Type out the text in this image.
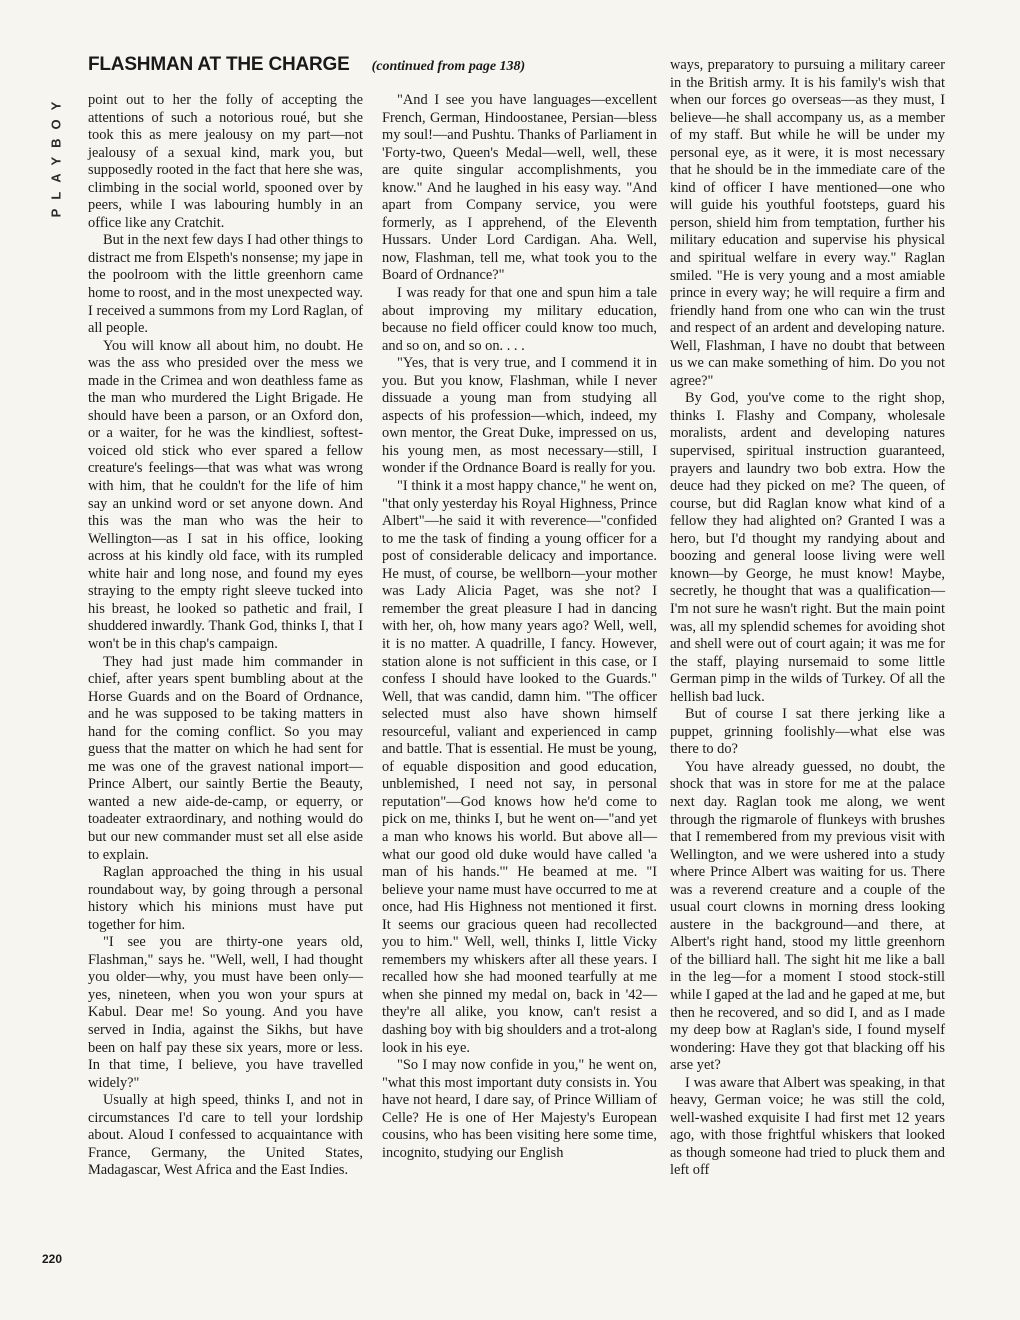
PLAYBOY
FLASHMAN AT THE CHARGE (continued from page 138)

point out to her the folly of accepting the attentions of such a notorious roué, but she took this as mere jealousy on my part—not jealousy of a sexual kind, mark you, but supposedly rooted in the fact that here she was, climbing in the social world, spooned over by peers, while I was labouring humbly in an office like any Cratchit.

But in the next few days I had other things to distract me from Elspeth's nonsense; my jape in the poolroom with the little greenhorn came home to roost, and in the most unexpected way. I received a summons from my Lord Raglan, of all people.

You will know all about him, no doubt. He was the ass who presided over the mess we made in the Crimea and won deathless fame as the man who murdered the Light Brigade. He should have been a parson, or an Oxford don, or a waiter, for he was the kindliest, softest-voiced old stick who ever spared a fellow creature's feelings—that was what was wrong with him, that he couldn't for the life of him say an unkind word or set anyone down. And this was the man who was the heir to Wellington—as I sat in his office, looking across at his kindly old face, with its rumpled white hair and long nose, and found my eyes straying to the empty right sleeve tucked into his breast, he looked so pathetic and frail, I shuddered inwardly. Thank God, thinks I, that I won't be in this chap's campaign.

They had just made him commander in chief, after years spent bumbling about at the Horse Guards and on the Board of Ordnance, and he was supposed to be taking matters in hand for the coming conflict. So you may guess that the matter on which he had sent for me was one of the gravest national import—Prince Albert, our saintly Bertie the Beauty, wanted a new aide-de-camp, or equerry, or toadeater extraordinary, and nothing would do but our new commander must set all else aside to explain.

Raglan approached the thing in his usual roundabout way, by going through a personal history which his minions must have put together for him.

"I see you are thirty-one years old, Flashman," says he. "Well, well, I had thought you older—why, you must have been only—yes, nineteen, when you won your spurs at Kabul. Dear me! So young. And you have served in India, against the Sikhs, but have been on half pay these six years, more or less. In that time, I believe, you have travelled widely?"

Usually at high speed, thinks I, and not in circumstances I'd care to tell your lordship about. Aloud I confessed to acquaintance with France, Germany, the United States, Madagascar, West Africa and the East Indies.

"And I see you have languages—excellent French, German, Hindoostanee, Persian—bless my soul!—and Pushtu. Thanks of Parliament in 'Forty-two, Queen's Medal—well, well, these are quite singular accomplishments, you know." And he laughed in his easy way. "And apart from Company service, you were formerly, as I apprehend, of the Eleventh Hussars. Under Lord Cardigan. Aha. Well, now, Flashman, tell me, what took you to the Board of Ordnance?"

I was ready for that one and spun him a tale about improving my military education, because no field officer could know too much, and so on, and so on. . . .

"Yes, that is very true, and I commend it in you. But you know, Flashman, while I never dissuade a young man from studying all aspects of his profession—which, indeed, my own mentor, the Great Duke, impressed on us, his young men, as most necessary—still, I wonder if the Ordnance Board is really for you.

"I think it a most happy chance," he went on, "that only yesterday his Royal Highness, Prince Albert"—he said it with reverence—"confided to me the task of finding a young officer for a post of considerable delicacy and importance. He must, of course, be wellborn—your mother was Lady Alicia Paget, was she not? I remember the great pleasure I had in dancing with her, oh, how many years ago? Well, well, it is no matter. A quadrille, I fancy. However, station alone is not sufficient in this case, or I confess I should have looked to the Guards." Well, that was candid, damn him. "The officer selected must also have shown himself resourceful, valiant and experienced in camp and battle. That is essential. He must be young, of equable disposition and good education, unblemished, I need not say, in personal reputation"—God knows how he'd come to pick on me, thinks I, but he went on—"and yet a man who knows his world. But above all—what our good old duke would have called 'a man of his hands.'" He beamed at me. "I believe your name must have occurred to me at once, had His Highness not mentioned it first. It seems our gracious queen had recollected you to him." Well, well, thinks I, little Vicky remembers my whiskers after all these years. I recalled how she had mooned tearfully at me when she pinned my medal on, back in '42—they're all alike, you know, can't resist a dashing boy with big shoulders and a trot-along look in his eye.

"So I may now confide in you," he went on, "what this most important duty consists in. You have not heard, I dare say, of Prince William of Celle? He is one of Her Majesty's European cousins, who has been visiting here some time, incognito, studying our English

ways, preparatory to pursuing a military career in the British army. It is his family's wish that when our forces go overseas—as they must, I believe—he shall accompany us, as a member of my staff. But while he will be under my personal eye, as it were, it is most necessary that he should be in the immediate care of the kind of officer I have mentioned—one who will guide his youthful footsteps, guard his person, shield him from temptation, further his military education and supervise his physical and spiritual welfare in every way." Raglan smiled. "He is very young and a most amiable prince in every way; he will require a firm and friendly hand from one who can win the trust and respect of an ardent and developing nature. Well, Flashman, I have no doubt that between us we can make something of him. Do you not agree?"

By God, you've come to the right shop, thinks I. Flashy and Company, wholesale moralists, ardent and developing natures supervised, spiritual instruction guaranteed, prayers and laundry two bob extra. How the deuce had they picked on me? The queen, of course, but did Raglan know what kind of a fellow they had alighted on? Granted I was a hero, but I'd thought my randying about and boozing and general loose living were well known—by George, he must know! Maybe, secretly, he thought that was a qualification—I'm not sure he wasn't right. But the main point was, all my splendid schemes for avoiding shot and shell were out of court again; it was me for the staff, playing nursemaid to some little German pimp in the wilds of Turkey. Of all the hellish bad luck.

But of course I sat there jerking like a puppet, grinning foolishly—what else was there to do?

You have already guessed, no doubt, the shock that was in store for me at the palace next day. Raglan took me along, we went through the rigmarole of flunkeys with brushes that I remembered from my previous visit with Wellington, and we were ushered into a study where Prince Albert was waiting for us. There was a reverend creature and a couple of the usual court clowns in morning dress looking austere in the background—and there, at Albert's right hand, stood my little greenhorn of the billiard hall. The sight hit me like a ball in the leg—for a moment I stood stock-still while I gaped at the lad and he gaped at me, but then he recovered, and so did I, and as I made my deep bow at Raglan's side, I found myself wondering: Have they got that blacking off his arse yet?

I was aware that Albert was speaking, in that heavy, German voice; he was still the cold, well-washed exquisite I had first met 12 years ago, with those frightful whiskers that looked as though someone had tried to pluck them and left off

220
